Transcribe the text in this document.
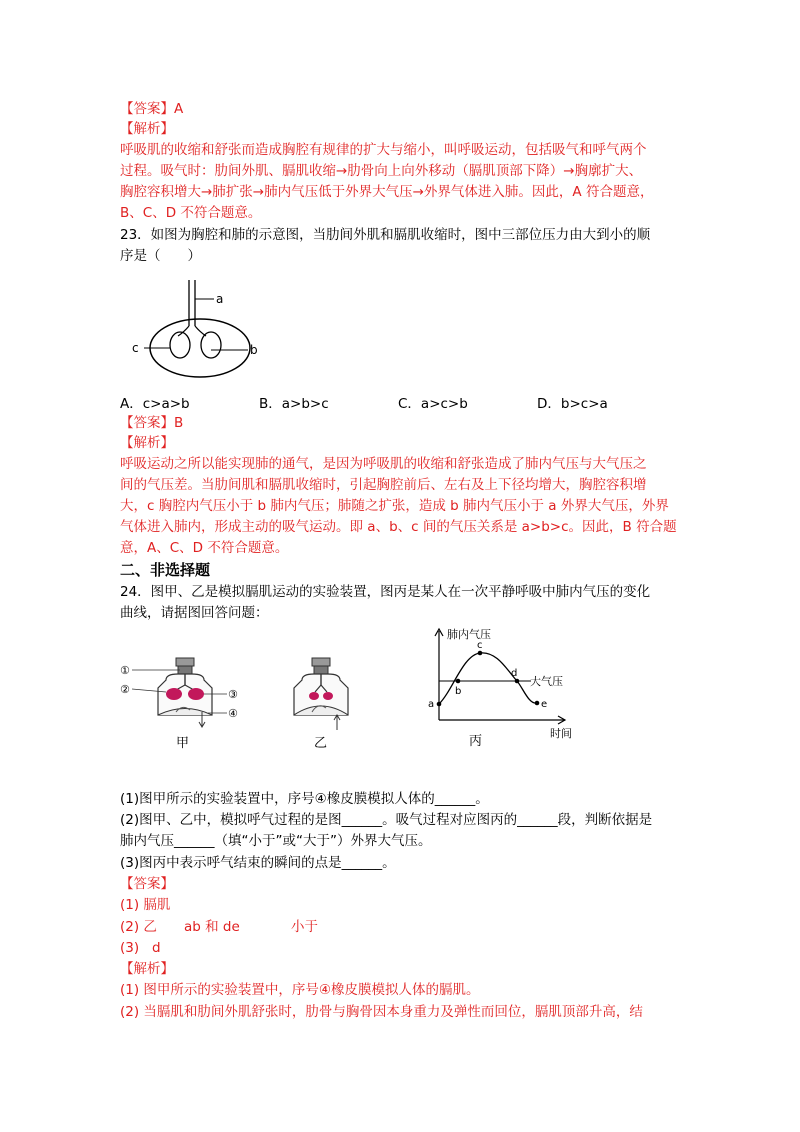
【答案】A
【解析】
呼吸肌的收缩和舒张而造成胸腔有规律的扩大与缩小，叫呼吸运动，包括吸气和呼气两个
过程。吸气时：肋间外肌、膈肌收缩→肋骨向上向外移动（膈肌顶部下降）→胸廓扩大、
胸腔容积增大→肺扩张→肺内气压低于外界大气压→外界气体进入肺。因此，A 符合题意，
B、C、D 不符合题意。
23．如图为胸腔和肺的示意图，当肋间外肌和膈肌收缩时，图中三部位压力由大到小的顺
序是（　　）
a
c	b
A．c>a>b	B．a>b>c	C．a>c>b	D．b>c>a
【答案】B
【解析】
呼吸运动之所以能实现肺的通气，是因为呼吸肌的收缩和舒张造成了肺内气压与大气压之
间的气压差。当肋间肌和膈肌收缩时，引起胸腔前后、左右及上下径均增大，胸腔容积增
大，c 胸腔内气压小于 b 肺内气压；肺随之扩张，造成 b 肺内气压小于 a 外界大气压，外界
气体进入肺内，形成主动的吸气运动。即 a、b、c 间的气压关系是 a>b>c。因此，B 符合题
意，A、C、D 不符合题意。
二、非选择题
24．图甲、乙是模拟膈肌运动的实验装置，图丙是某人在一次平静呼吸中肺内气压的变化
曲线，请据图回答问题：
①
②	③
④
甲	乙
a
b
c
d
e
肺内气压
大气压
时间
丙
(1)图甲所示的实验装置中，序号④橡皮膜模拟人体的______。
(2)图甲、乙中，模拟呼气过程的是图______。吸气过程对应图丙的______段，判断依据是
肺内气压______（填“小于”或“大于”）外界大气压。
(3)图丙中表示呼气结束的瞬间的点是______。
【答案】
(1) 膈肌
(2) 乙 ab 和 de	小于
(3) d
【解析】
(1) 图甲所示的实验装置中，序号④橡皮膜模拟人体的膈肌。
(2) 当膈肌和肋间外肌舒张时，肋骨与胸骨因本身重力及弹性而回位，膈肌顶部升高，结
